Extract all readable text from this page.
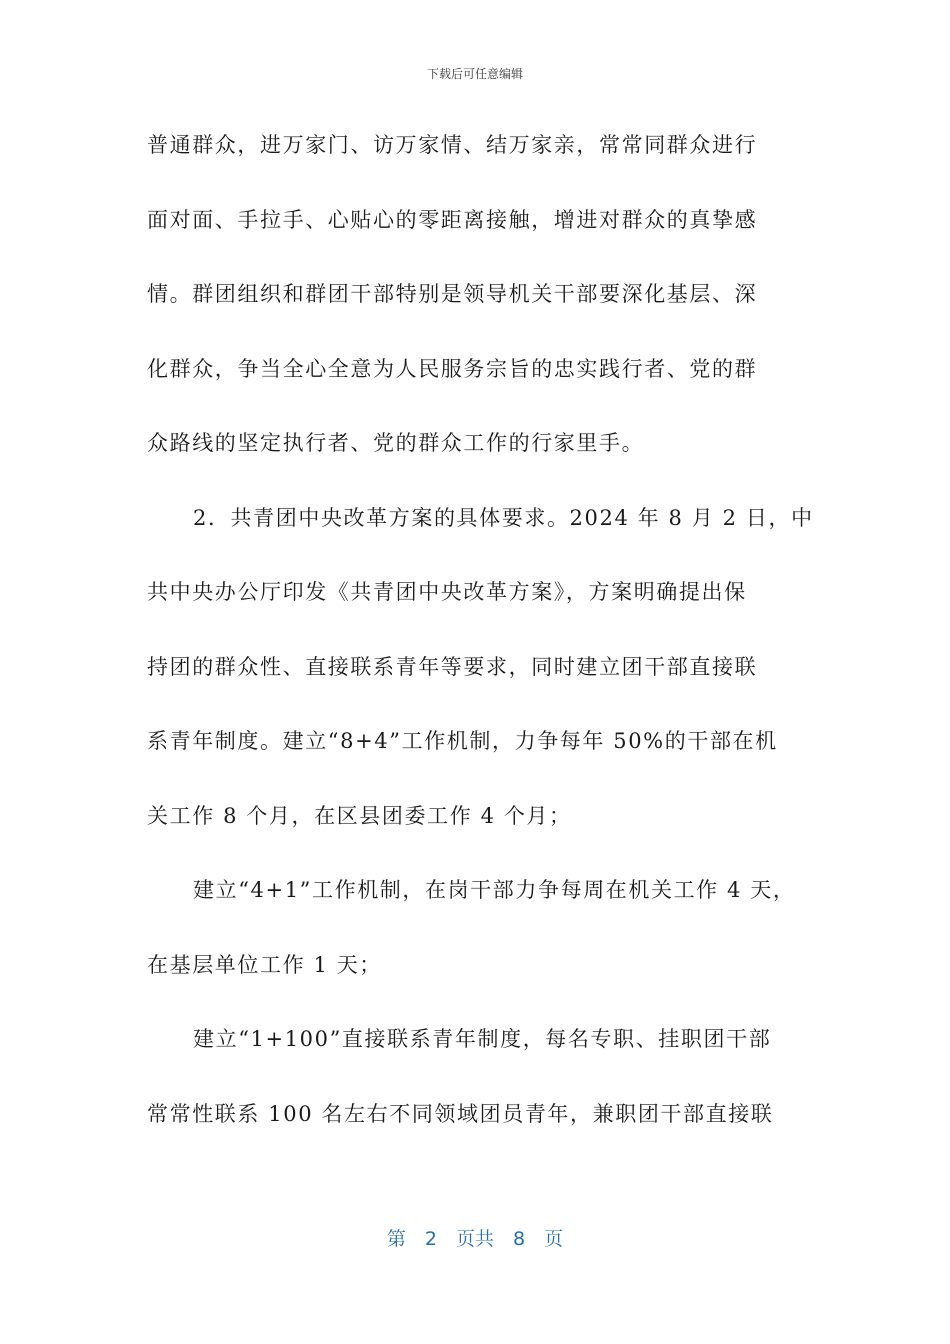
下载后可任意编辑
普通群众，进万家门、访万家情、结万家亲，常常同群众进行
面对面、手拉手、心贴心的零距离接触，增进对群众的真挚感
情。群团组织和群团干部特别是领导机关干部要深化基层、深
化群众，争当全心全意为人民服务宗旨的忠实践行者、党的群
众路线的坚定执行者、党的群众工作的行家里手。
2．共青团中央改革方案的具体要求。2024 年 8 月 2 日，中
共中央办公厅印发《共青团中央改革方案》，方案明确提出保
持团的群众性、直接联系青年等要求，同时建立团干部直接联
系青年制度。建立“8+4”工作机制，力争每年 50%的干部在机
关工作 8 个月，在区县团委工作 4 个月；
建立“4+1”工作机制，在岗干部力争每周在机关工作 4 天，
在基层单位工作 1 天；
建立“1+100”直接联系青年制度，每名专职、挂职团干部
常常性联系 100 名左右不同领域团员青年，兼职团干部直接联
第　2　页共　8　页
